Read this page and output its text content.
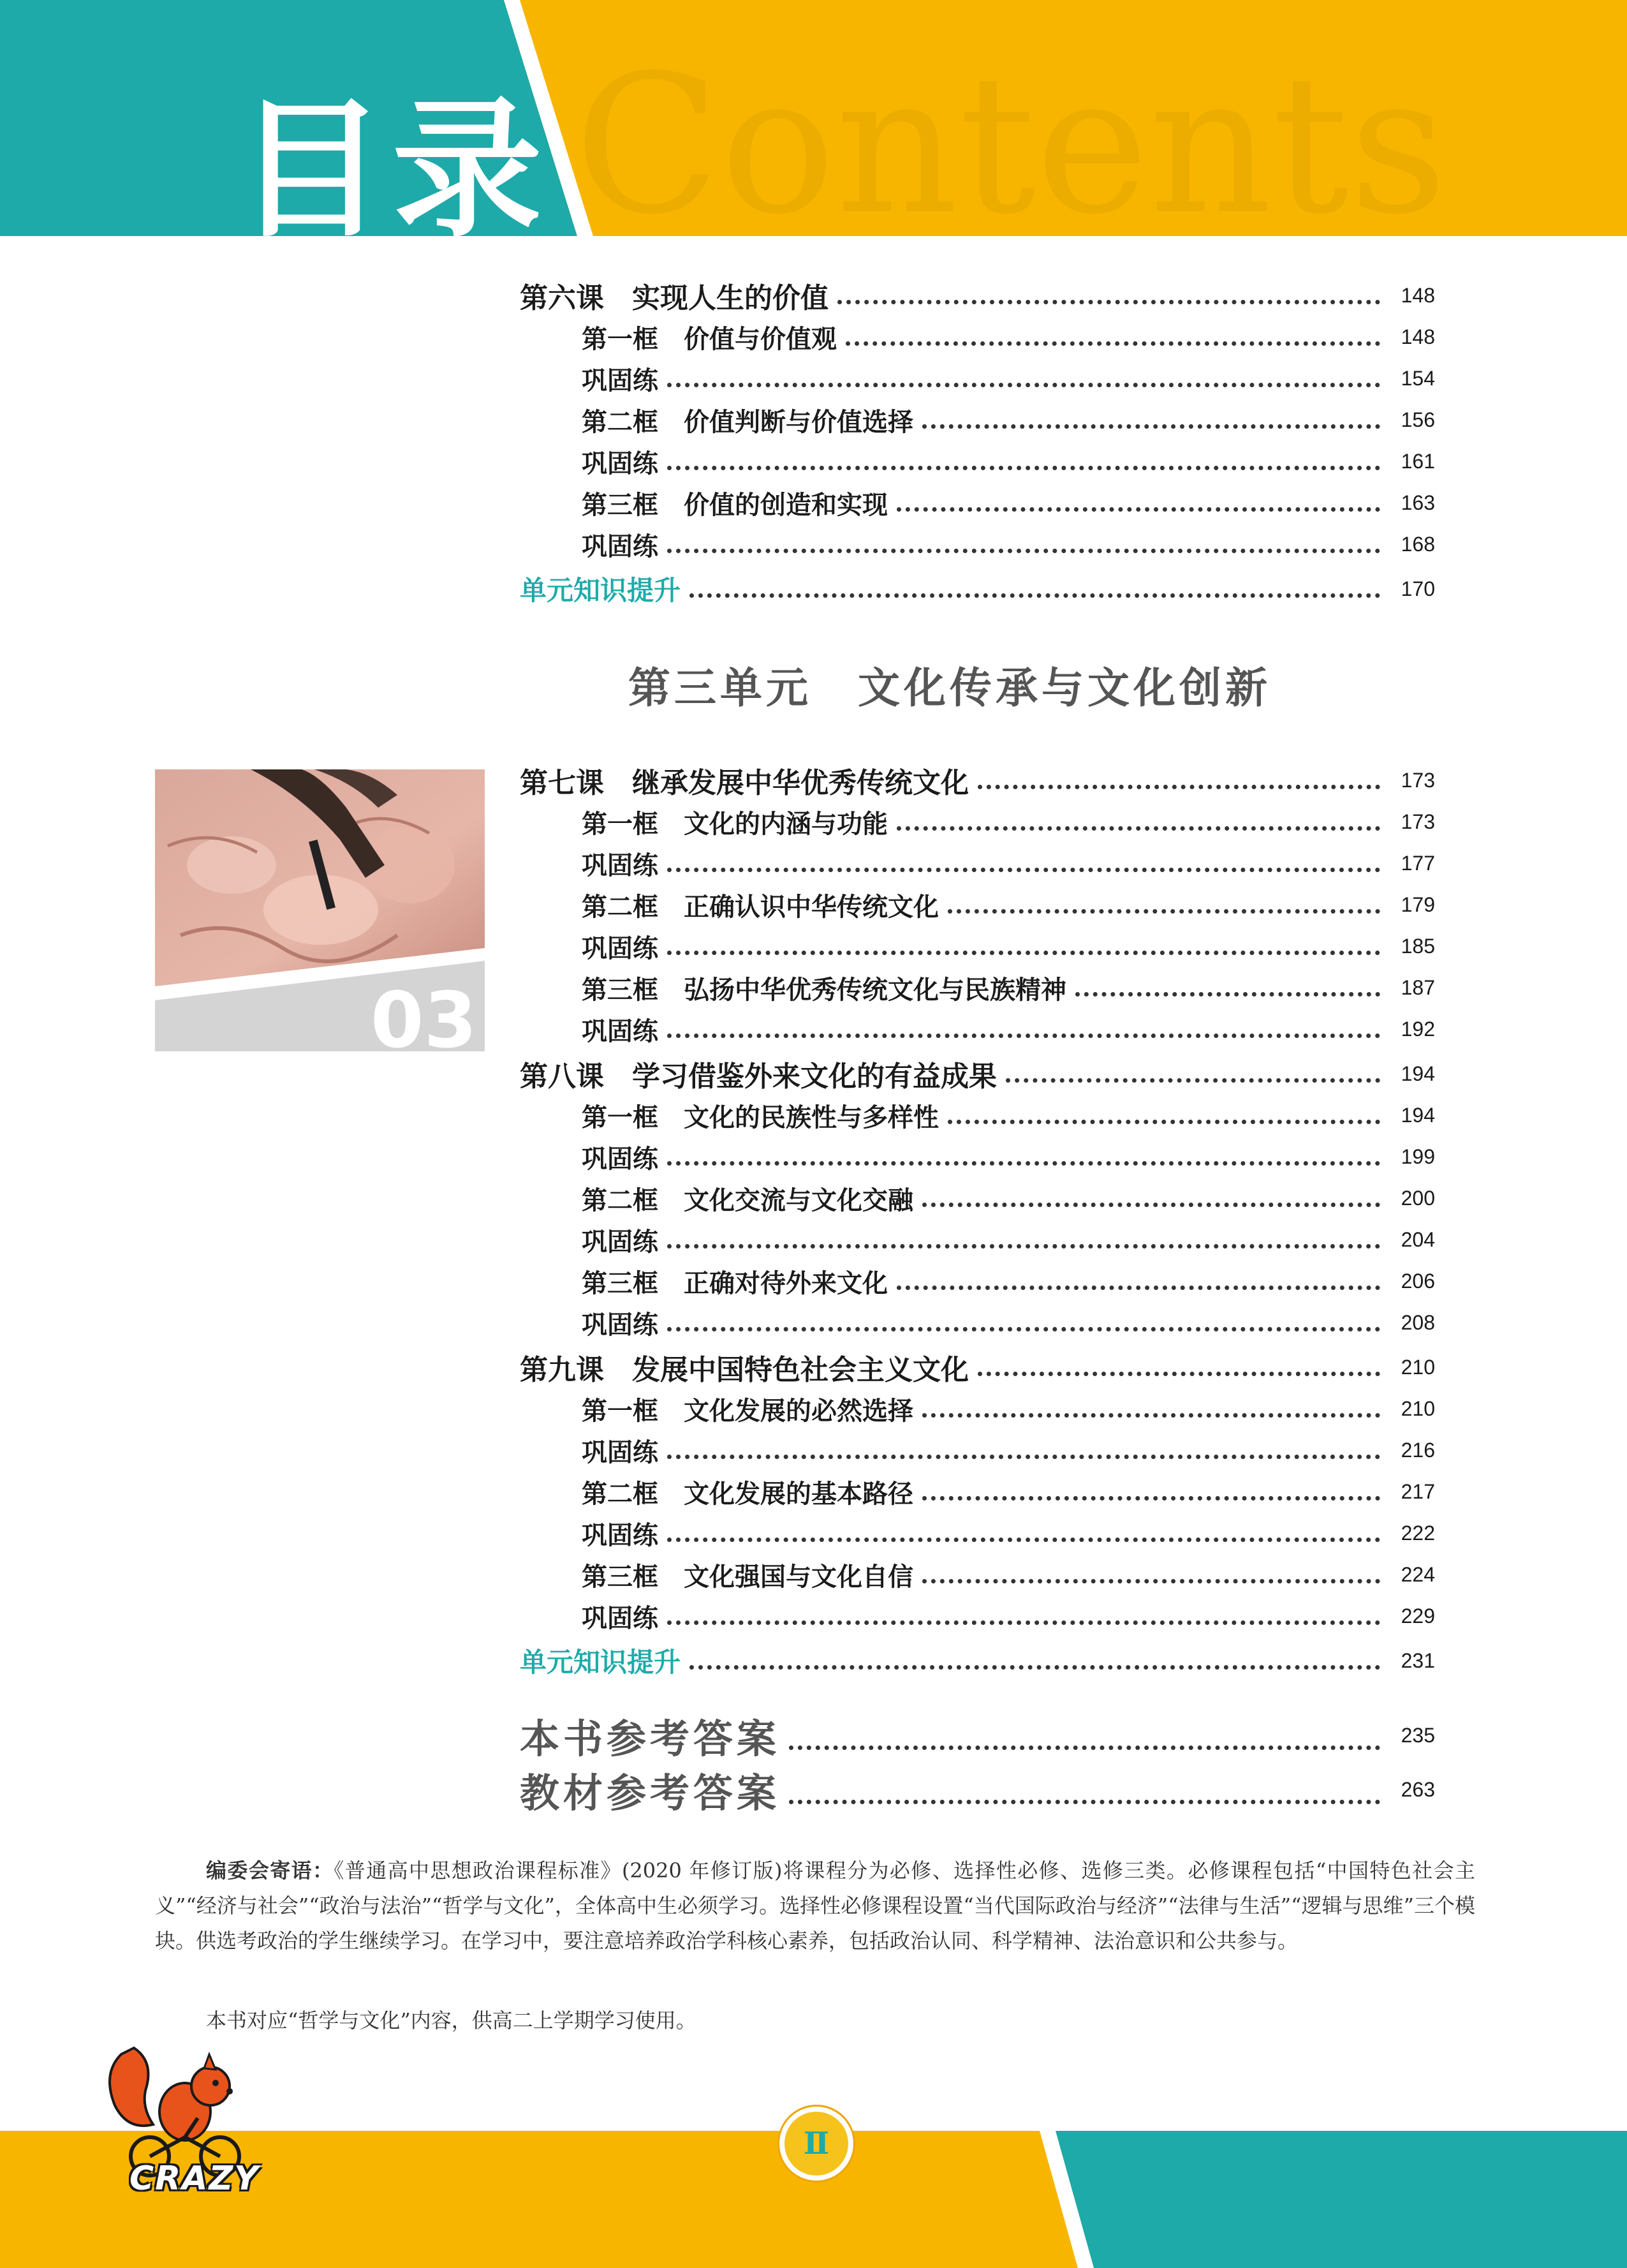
Contents
目录
第六课　实现人生的价值	148
第一框　价值与价值观	148
巩固练	154
第二框　价值判断与价值选择	156
巩固练	161
第三框　价值的创造和实现	163
巩固练	168
单元知识提升	170
第三单元　文化传承与文化创新
03
第七课　继承发展中华优秀传统文化	173
第一框　文化的内涵与功能	173
巩固练	177
第二框　正确认识中华传统文化	179
巩固练	185
第三框　弘扬中华优秀传统文化与民族精神	187
巩固练	192
第八课　学习借鉴外来文化的有益成果	194
第一框　文化的民族性与多样性	194
巩固练	199
第二框　文化交流与文化交融	200
巩固练	204
第三框　正确对待外来文化	206
巩固练	208
第九课　发展中国特色社会主义文化	210
第一框　文化发展的必然选择	210
巩固练	216
第二框　文化发展的基本路径	217
巩固练	222
第三框　文化强国与文化自信	224
巩固练	229
单元知识提升	231
本书参考答案	235
教材参考答案	263
编委会寄语：《普通高中思想政治课程标准》(2020 年修订版)将课程分为必修、选择性必修、选修三类。必修课程包括“中国特色社会主义”“经济与社会”“政治与法治”“哲学与文化”，全体高中生必须学习。选择性必修课程设置“当代国际政治与经济”“法律与生活”“逻辑与思维”三个模块。供选考政治的学生继续学习。在学习中，要注意培养政治学科核心素养，包括政治认同、科学精神、法治意识和公共参与。
本书对应“哲学与文化”内容，供高二上学期学习使用。
CRAZY
Ⅱ
